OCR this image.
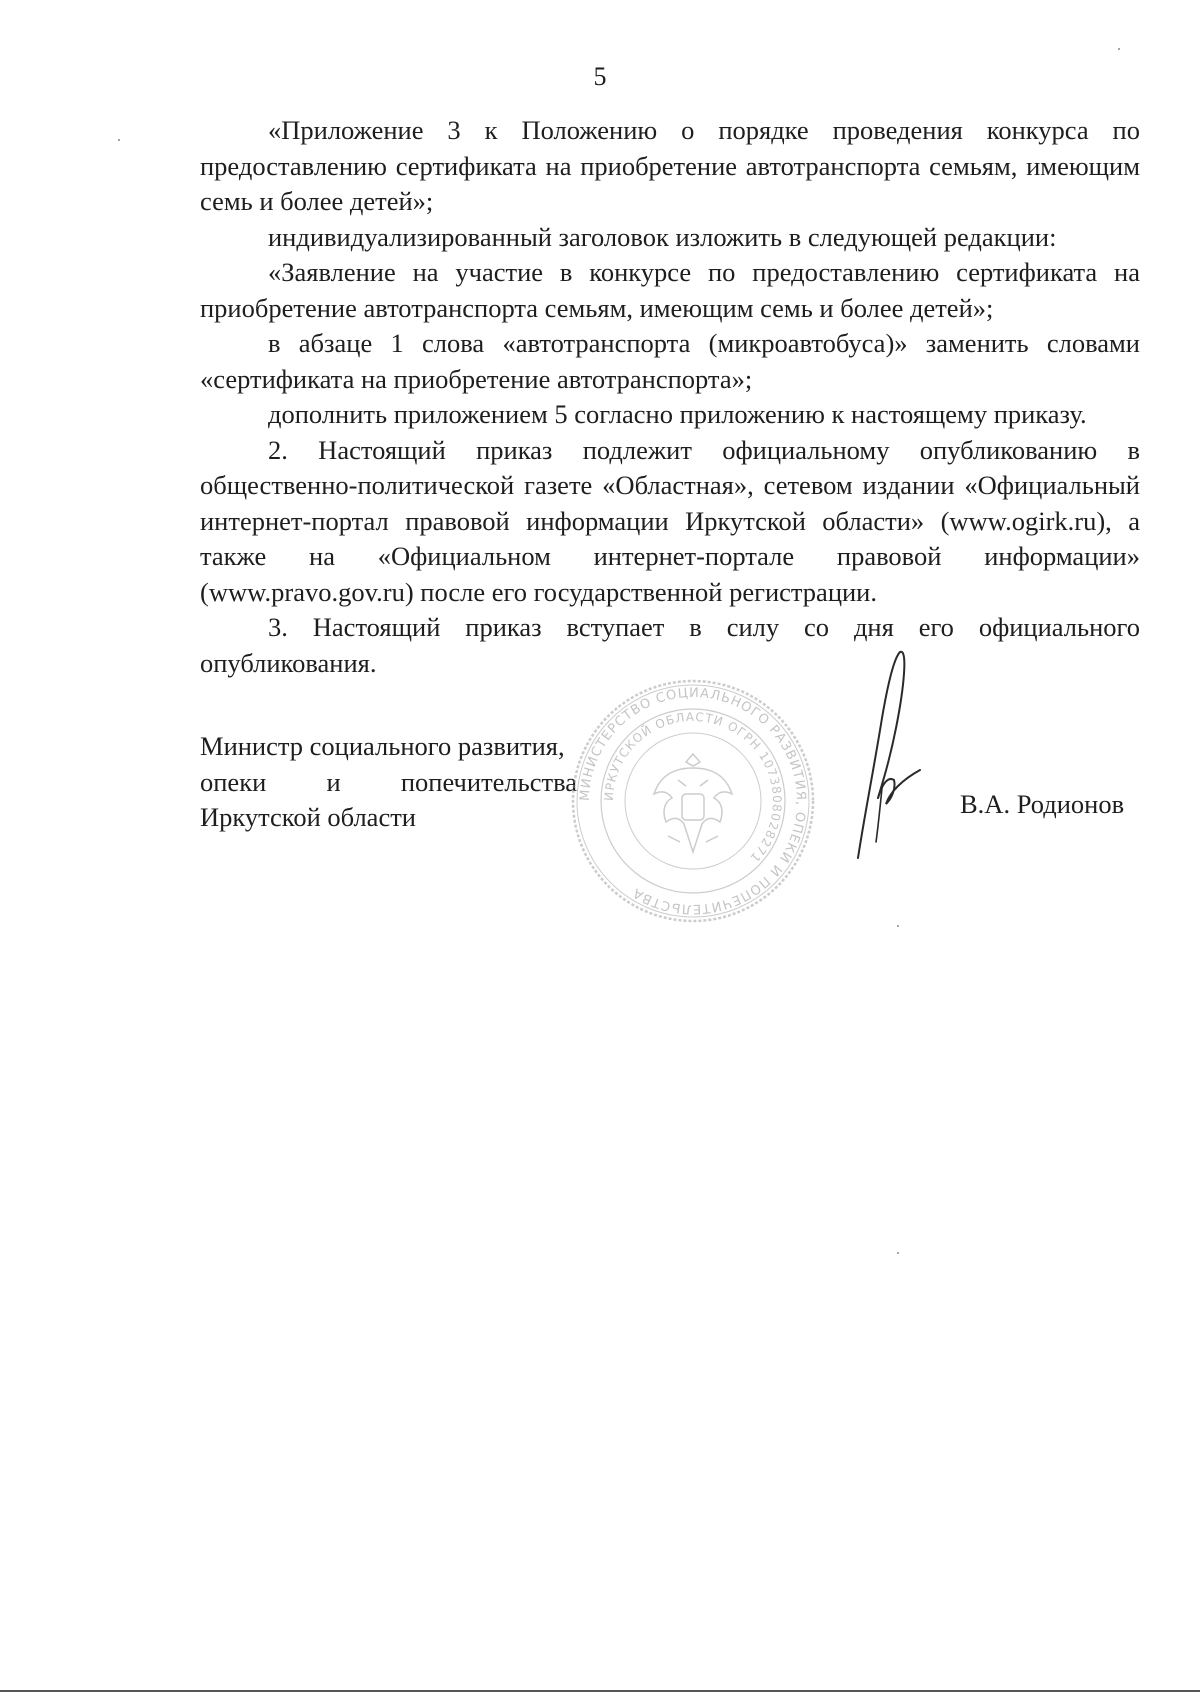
5

«Приложение 3 к Положению о порядке проведения конкурса по предоставлению сертификата на приобретение автотранспорта семьям, имеющим семь и более детей»;

индивидуализированный заголовок изложить в следующей редакции:

«Заявление на участие в конкурсе по предоставлению сертификата на приобретение автотранспорта семьям, имеющим семь и более детей»;

в абзаце 1 слова «автотранспорта (микроавтобуса)» заменить словами «сертификата на приобретение автотранспорта»;

дополнить приложением 5 согласно приложению к настоящему приказу.

2. Настоящий приказ подлежит официальному опубликованию в общественно-политической газете «Областная», сетевом издании «Официальный интернет-портал правовой информации Иркутской области» (www.ogirk.ru), а также на «Официальном интернет-портале правовой информации» (www.pravo.gov.ru) после его государственной регистрации.

3. Настоящий приказ вступает в силу со дня его официального опубликования.

Министр социального развития,
опеки и попечительства
Иркутской области
МИНИСТЕРСТВО СОЦИАЛЬНОГО РАЗВИТИЯ, ОПЕКИ И ПОПЕЧИТЕЛЬСТВА
ИРКУТСКОЙ ОБЛАСТИ ОГРН 1073808028271
В.А. Родионов
